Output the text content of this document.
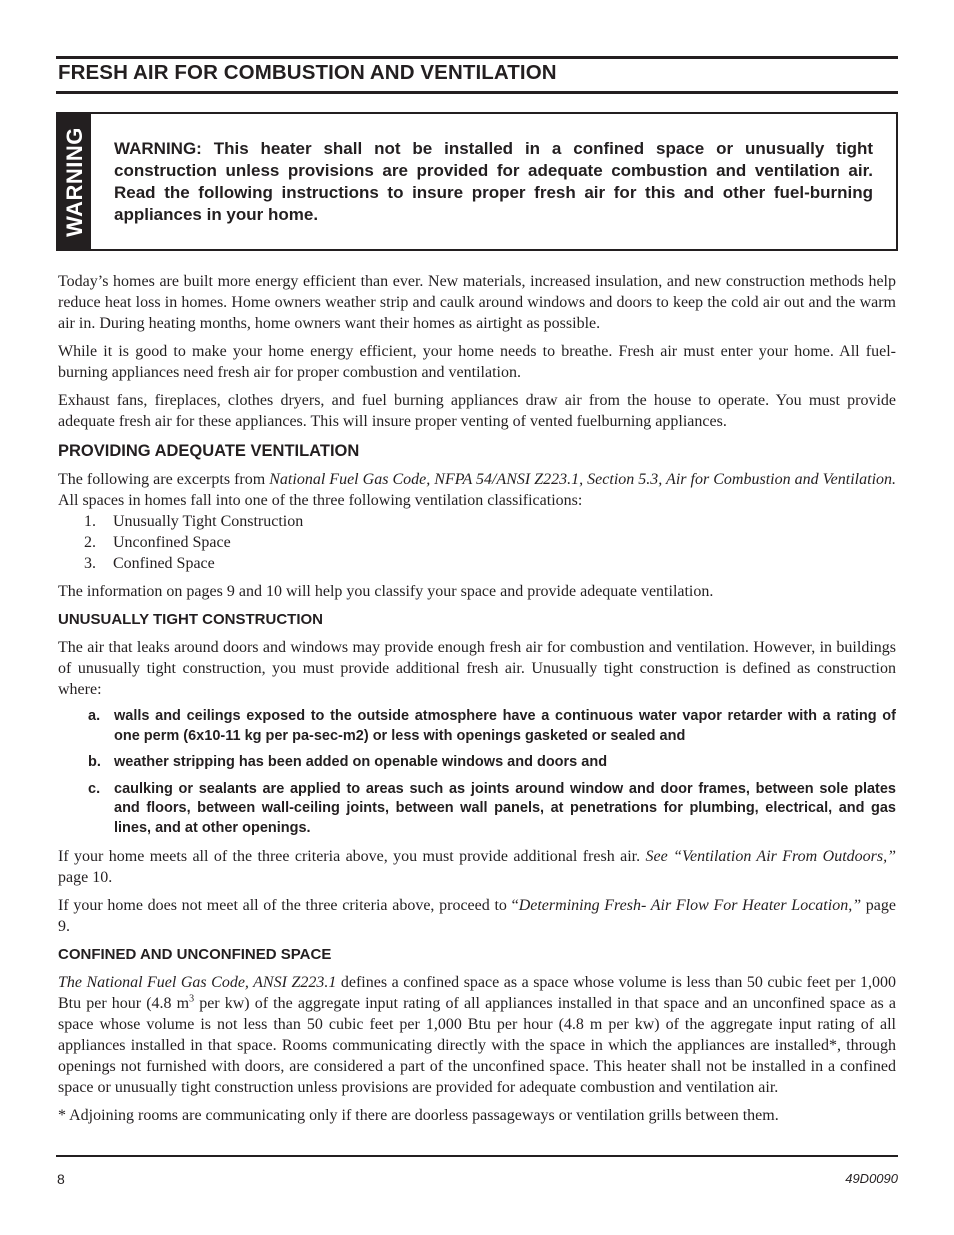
FRESH AIR FOR COMBUSTION AND VENTILATION
WARNING WARNING: This heater shall not be installed in a confined space or unusually tight construction unless provisions are provided for adequate combustion and ventilation air. Read the following instructions to insure proper fresh air for this and other fuel-burning appliances in your home.

Today’s homes are built more energy efficient than ever. New materials, increased insulation, and new construction methods help reduce heat loss in homes. Home owners weather strip and caulk around windows and doors to keep the cold air out and the warm air in. During heating months, home owners want their homes as airtight as possible.

While it is good to make your home energy efficient, your home needs to breathe. Fresh air must enter your home. All fuel-burning appliances need fresh air for proper combustion and ventilation.

Exhaust fans, fireplaces, clothes dryers, and fuel burning appliances draw air from the house to operate. You must provide adequate fresh air for these appliances. This will insure proper venting of vented fuelburning appliances.

PROVIDING ADEQUATE VENTILATION

The following are excerpts from National Fuel Gas Code, NFPA 54/ANSI Z223.1, Section 5.3, Air for Combustion and Ventilation. All spaces in homes fall into one of the three following ventilation classifications:

1.	Unusually Tight Construction
2.	Unconfined Space
3.	Confined Space

The information on pages 9 and 10 will help you classify your space and provide adequate ventilation.

UNUSUALLY TIGHT CONSTRUCTION

The air that leaks around doors and windows may provide enough fresh air for combustion and ventilation. However, in buildings of unusually tight construction, you must provide additional fresh air. Unusually tight construction is defined as construction where:

a. walls and ceilings exposed to the outside atmosphere have a continuous water vapor retarder with a rating of one perm (6x10-11 kg per pa-sec-m2) or less with openings gasketed or sealed and
b. weather stripping has been added on openable windows and doors and
c. caulking or sealants are applied to areas such as joints around window and door frames, between sole plates and floors, between wall-ceiling joints, between wall panels, at penetrations for plumbing, electrical, and gas lines, and at other openings.

If your home meets all of the three criteria above, you must provide additional fresh air. See “Ventilation Air From Outdoors,” page 10.

If your home does not meet all of the three criteria above, proceed to “Determining Fresh- Air Flow For Heater Location,” page 9.

CONFINED AND UNCONFINED SPACE

The National Fuel Gas Code, ANSI Z223.1 defines a confined space as a space whose volume is less than 50 cubic feet per 1,000 Btu per hour (4.8 $m^3$ per kw) of the aggregate input rating of all appliances installed in that space and an unconfined space as a space whose volume is not less than 50 cubic feet per 1,000 Btu per hour (4.8 m per kw) of the aggregate input rating of all appliances installed in that space. Rooms communicating directly with the space in which the appliances are installed*, through openings not furnished with doors, are considered a part of the unconfined space. This heater shall not be installed in a confined space or unusually tight construction unless provisions are provided for adequate combustion and ventilation air.

* Adjoining rooms are communicating only if there are doorless passageways or ventilation grills between them.

8	49D0090
